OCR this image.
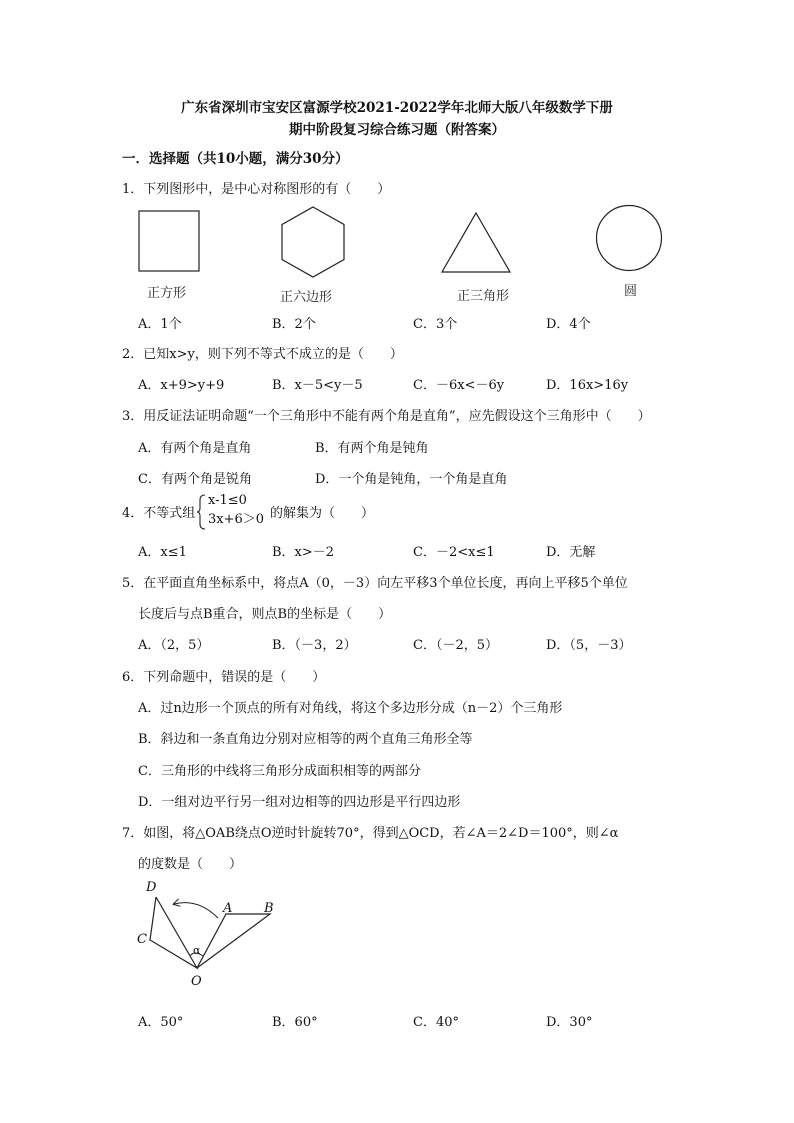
广东省深圳市宝安区富源学校2021-2022学年北师大版八年级数学下册
期中阶段复习综合练习题（附答案）
一．选择题（共10小题，满分30分）
1．下列图形中，是中心对称图形的有（　　）
正方形	正六边形	正三角形	圆
A．1个	B．2个	C．3个	D．4个
2．已知x>y，则下列不等式不成立的是（　　）
A．x+9>y+9	B．x－5<y－5	C．－6x<－6y	D．16x>16y
3．用反证法证明命题“一个三角形中不能有两个角是直角”，应先假设这个三角形中（　　）
A．有两个角是直角	B．有两个角是钝角
C．有两个角是锐角	D．一个角是钝角，一个角是直角
4．不等式组
x-1≤0
3x+6＞0 的解集为（　　）
A．x≤1	B．x>－2	C．－2<x≤1	D．无解
5．在平面直角坐标系中，将点A（0，－3）向左平移3个单位长度，再向上平移5个单位
长度后与点B重合，则点B的坐标是（　　）
A．（2，5）	B．（－3，2）	C．（－2，5）	D．（5，－3）
6．下列命题中，错误的是（　　）
A．过n边形一个顶点的所有对角线，将这个多边形分成（n－2）个三角形
B．斜边和一条直角边分别对应相等的两个直角三角形全等
C．三角形的中线将三角形分成面积相等的两部分
D．一组对边平行另一组对边相等的四边形是平行四边形
7．如图，将△OAB绕点O逆时针旋转70°，得到△OCD，若∠A＝2∠D＝100°，则∠α
的度数是（　　）
D
C
A B
O
α
A．50°	B．60°	C．40°	D．30°
